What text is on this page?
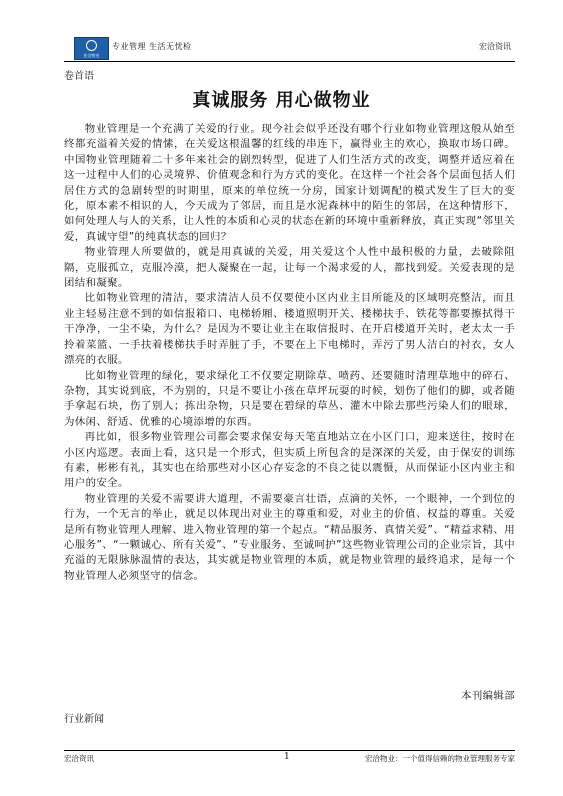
宏洽物业
专业管理 生活无忧检	宏洽资讯
卷首语
真诚服务 用心做物业

物业管理是一个充满了关爱的行业。现今社会似乎还没有哪个行业如物业管理这般从始至终都充溢着关爱的情愫，在关爱这根温馨的红线的串连下，赢得业主的欢心，换取市场口碑。中国物业管理随着二十多年来社会的剧烈转型，促进了人们生活方式的改变，调整并适应着在这一过程中人们的心灵境界、价值观念和行为方式的变化。在这样一个社会各个层面包括人们居住方式的急剧转型的时期里，原来的单位统一分房，国家计划调配的模式发生了巨大的变化，原本素不相识的人，今天成为了邻居，而且是水泥森林中的陌生的邻居，在这种情形下，如何处理人与人的关系，让人性的本质和心灵的状态在新的环境中重新释放，真正实现“邻里关爱，真诚守望”的纯真状态的回归？

物业管理人所要做的，就是用真诚的关爱，用关爱这个人性中最积极的力量，去破除阻隔，克服孤立，克服冷漠，把人凝聚在一起，让每一个渴求爱的人，都找到爱。关爱表现的是团结和凝聚。

比如物业管理的清洁，要求清洁人员不仅要使小区内业主目所能及的区域明亮整洁，而且业主轻易注意不到的如信报箱口、电梯轿厢、楼道照明开关、楼梯扶手、铁花等都要擦拭得干干净净，一尘不染，为什么？是因为不要让业主在取信报时、在开启楼道开关时，老太太一手拎着菜篮、一手扶着楼梯扶手时弄脏了手，不要在上下电梯时，弄污了男人洁白的衬衣，女人漂亮的衣服。

比如物业管理的绿化，要求绿化工不仅要定期除草、喷药、还要随时清理草地中的碎石、杂物，其实说到底，不为别的，只是不要让小孩在草坪玩耍的时候，划伤了他们的脚，或者随手拿起石块，伤了别人；拣出杂物，只是要在碧绿的草丛、灌木中除去那些污染人们的眼球，为休闲、舒适、优雅的心境添增的东西。

再比如，很多物业管理公司都会要求保安每天笔直地站立在小区门口，迎来送往，按时在小区内巡逻。表面上看，这只是一个形式，但实质上所包含的是深深的关爱，由于保安的训练有素，彬彬有礼，其实也在给那些对小区心存妄念的不良之徒以震慑，从而保证小区内业主和用户的安全。

物业管理的关爱不需要讲大道理，不需要豪言壮语，点滴的关怀，一个眼神，一个到位的行为，一个无言的举止，就足以体现出对业主的尊重和爱，对业主的价值、权益的尊重。关爱是所有物业管理人理解、进入物业管理的第一个起点。“精品服务、真情关爱”、“精益求精、用心服务”、“一颗诚心、所有关爱”、“专业服务、至诚呵护”这些物业管理公司的企业宗旨，其中充溢的无限脉脉温情的表达，其实就是物业管理的本质，就是物业管理的最终追求，是每一个物业管理人必须坚守的信念。

本刊编辑部
行业新闻
宏洽资讯	1	宏洽物业：一个值得信赖的物业管理服务专家
